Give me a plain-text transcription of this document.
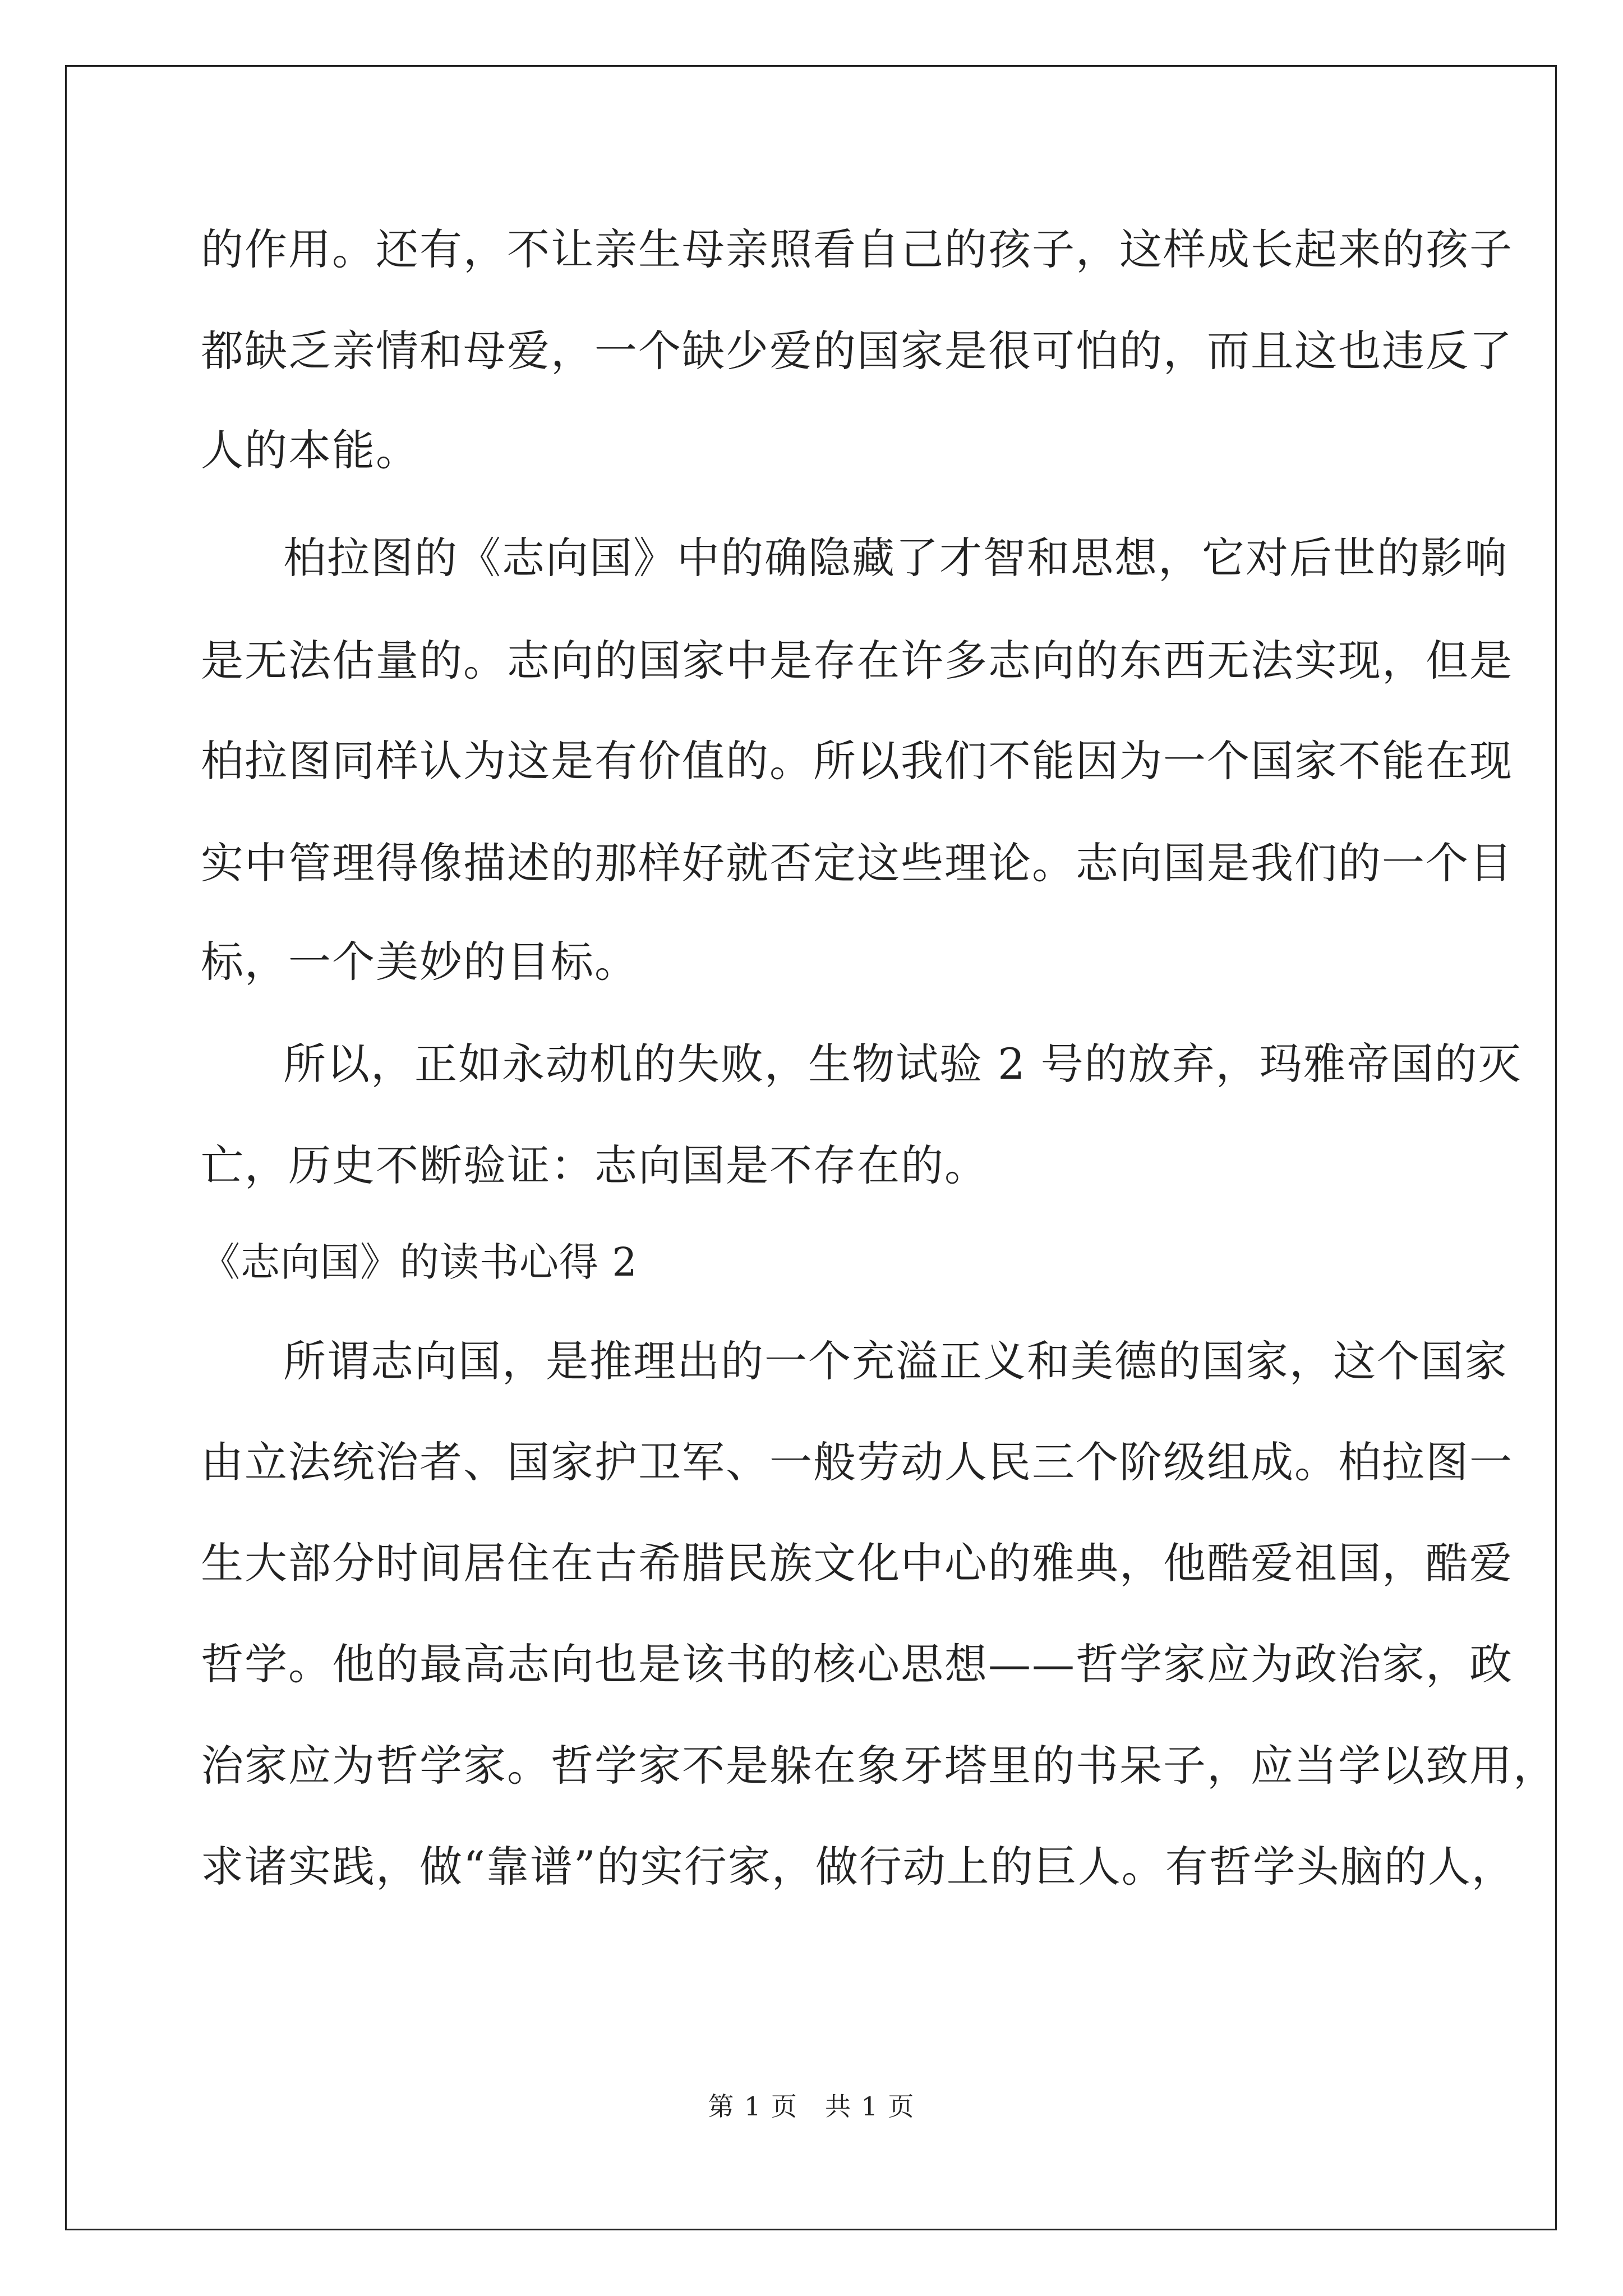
的作用。还有，不让亲生母亲照看自己的孩子，这样成长起来的孩子
都缺乏亲情和母爱，一个缺少爱的国家是很可怕的，而且这也违反了
人的本能。
柏拉图的《志向国》中的确隐藏了才智和思想，它对后世的影响
是无法估量的。志向的国家中是存在许多志向的东西无法实现，但是
柏拉图同样认为这是有价值的。所以我们不能因为一个国家不能在现
实中管理得像描述的那样好就否定这些理论。志向国是我们的一个目
标，一个美妙的目标。
所以，正如永动机的失败，生物试验 2 号的放弃，玛雅帝国的灭
亡，历史不断验证：志向国是不存在的。
《志向国》的读书心得 2
所谓志向国，是推理出的一个充溢正义和美德的国家，这个国家
由立法统治者、国家护卫军、一般劳动人民三个阶级组成。柏拉图一
生大部分时间居住在古希腊民族文化中心的雅典，他酷爱祖国，酷爱
哲学。他的最高志向也是该书的核心思想——哲学家应为政治家，政
治家应为哲学家。哲学家不是躲在象牙塔里的书呆子，应当学以致用，
求诸实践，做“靠谱”的实行家，做行动上的巨人。有哲学头脑的人，
第 1 页　共 1 页
